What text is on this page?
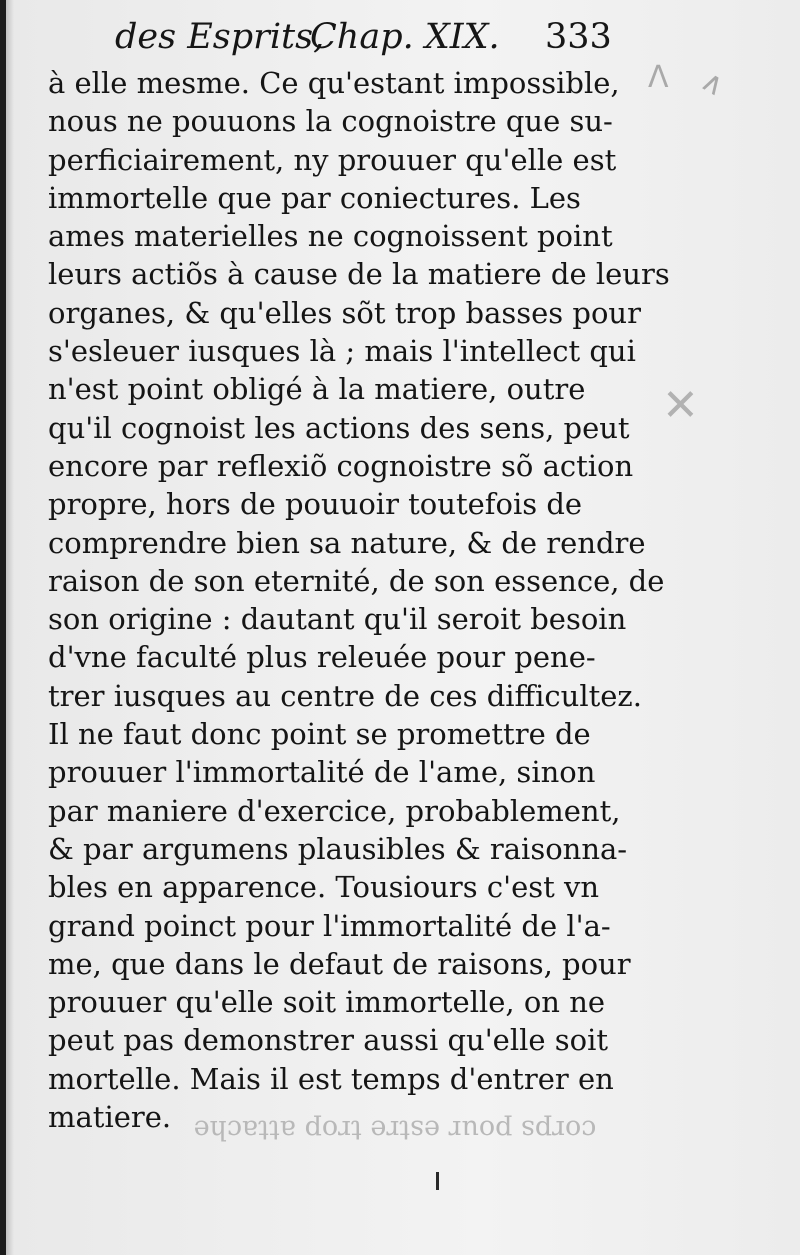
des Esprits,
Chap. XIX. 333
à elle mesme. Ce qu'estant impossible,
nous ne pouuons la cognoistre que su-
perficiairement, ny prouuer qu'elle est
immortelle que par coniectures. Les
ames materielles ne cognoissent point
leurs actiõs à cause de la matiere de leurs
organes, & qu'elles sõt trop basses pour
s'esleuer iusques là ; mais l'intellect qui
n'est point obligé à la matiere, outre
qu'il cognoist les actions des sens, peut
encore par reflexiõ cognoistre sõ action
propre, hors de pouuoir toutefois de
comprendre bien sa nature, & de rendre
raison de son eternité, de son essence, de
son origine : dautant qu'il seroit besoin
d'vne faculté plus releuée pour pene-
trer iusques au centre de ces difficultez.
Il ne faut donc point se promettre de
prouuer l'immortalité de l'ame, sinon
par maniere d'exercice, probablement,
& par argumens plausibles & raisonna-
bles en apparence. Tousiours c'est vn
grand poinct pour l'immortalité de l'a-
me, que dans le defaut de raisons, pour
prouuer qu'elle soit immortelle, on ne
peut pas demonstrer aussi qu'elle soit
mortelle. Mais il est temps d'entrer en
matiere. corps pour estre trop attache
Λ ∧
✕
